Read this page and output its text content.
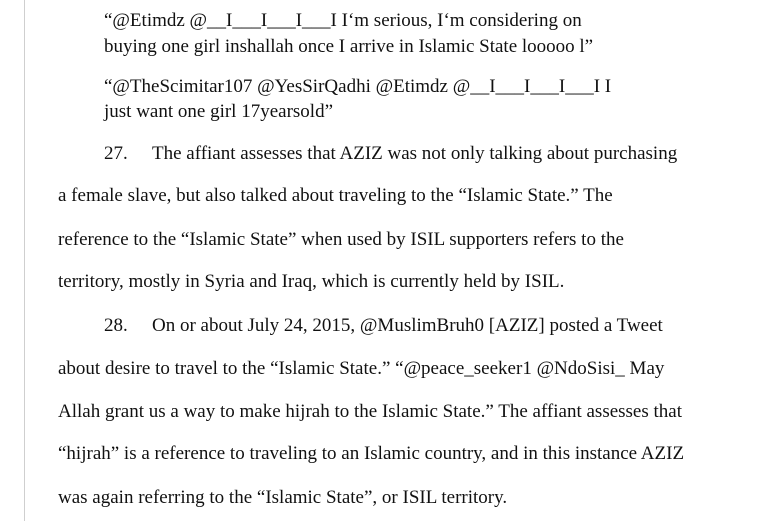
“@Etimdz @__I___I___I___I I‘m serious, I‘m considering on
buying one girl inshallah once I arrive in Islamic State looooo l”
“@TheScimitar107 @YesSirQadhi @Etimdz @__I___I___I___I I
just want one girl 17yearsold”
27. The affiant assesses that AZIZ was not only talking about purchasing
a female slave, but also talked about traveling to the “Islamic State.” The
reference to the “Islamic State” when used by ISIL supporters refers to the
territory, mostly in Syria and Iraq, which is currently held by ISIL.
28. On or about July 24, 2015, @MuslimBruh0 [AZIZ] posted a Tweet
about desire to travel to the “Islamic State.” “@peace_seeker1 @NdoSisi_ May
Allah grant us a way to make hijrah to the Islamic State.” The affiant assesses that
“hijrah” is a reference to traveling to an Islamic country, and in this instance AZIZ
was again referring to the “Islamic State”, or ISIL territory.
